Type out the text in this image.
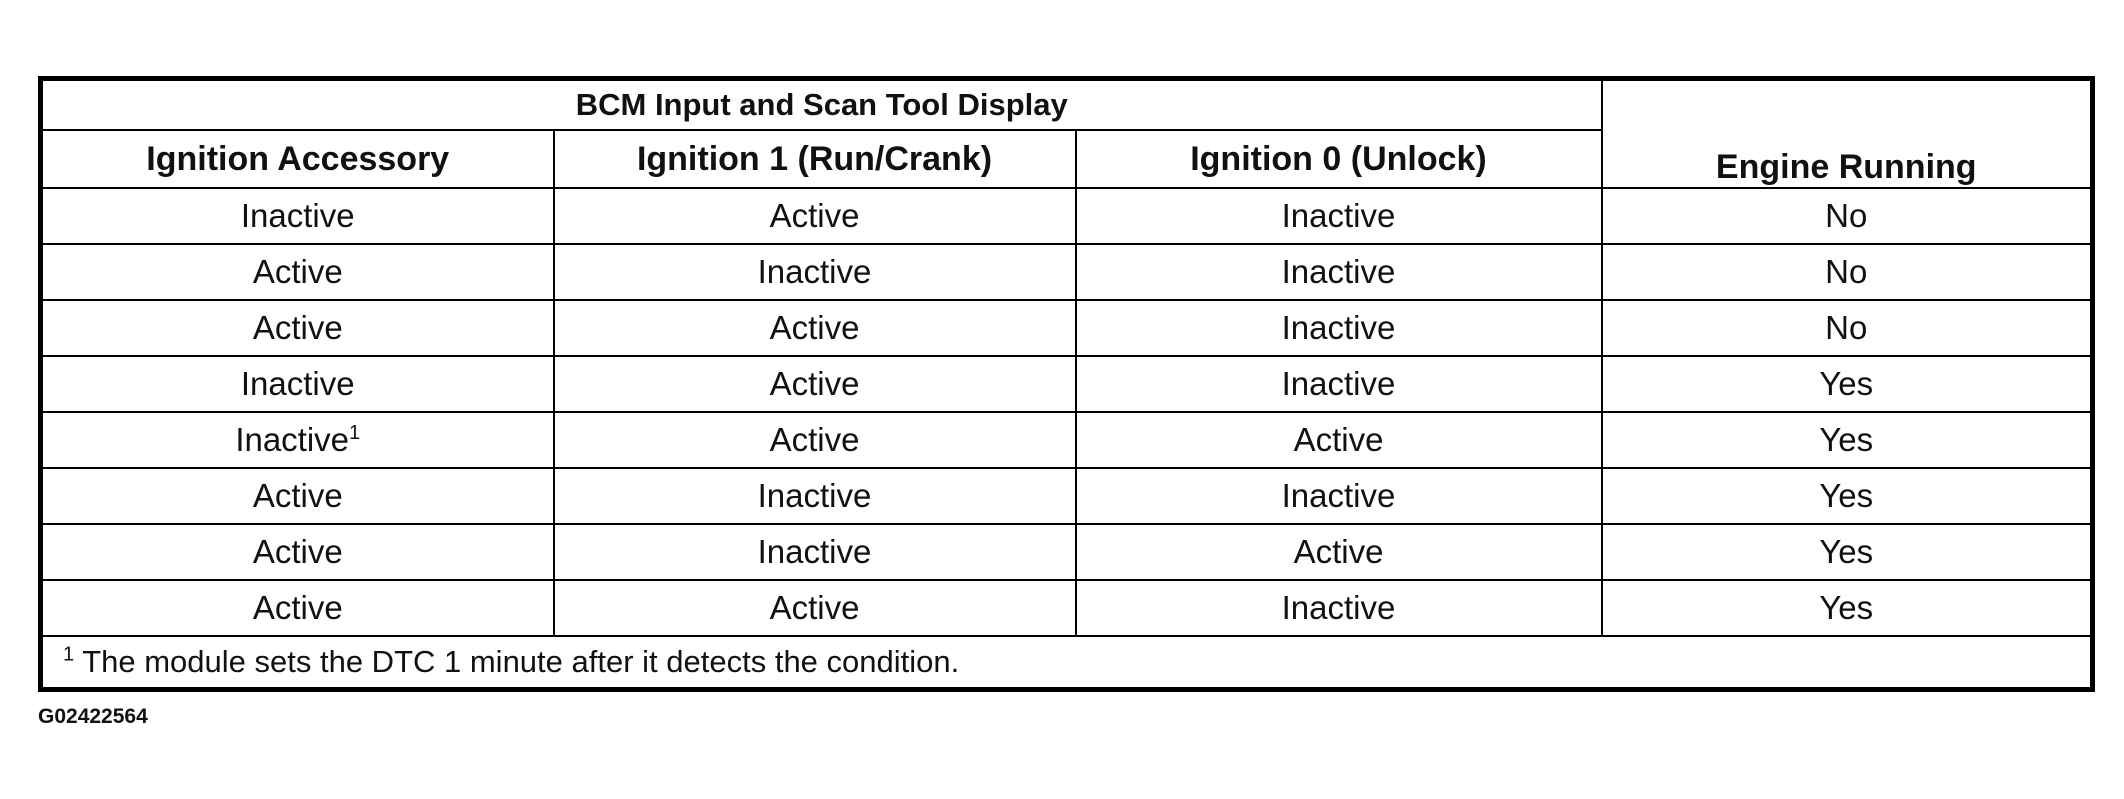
BCM Input and Scan Tool Display			Engine Running
Ignition Accessory	Ignition 1 (Run/Crank)	Ignition 0 (Unlock)	
Inactive	Active	Inactive	No
Active	Inactive	Inactive	No
Active	Active	Inactive	No
Inactive	Active	Inactive	Yes
Inactive$^1$	Active	Active	Yes
Active	Inactive	Inactive	Yes
Active	Inactive	Active	Yes
Active	Active	Inactive	Yes
$^1$ The module sets the DTC 1 minute after it detects the condition.			
G02422564
